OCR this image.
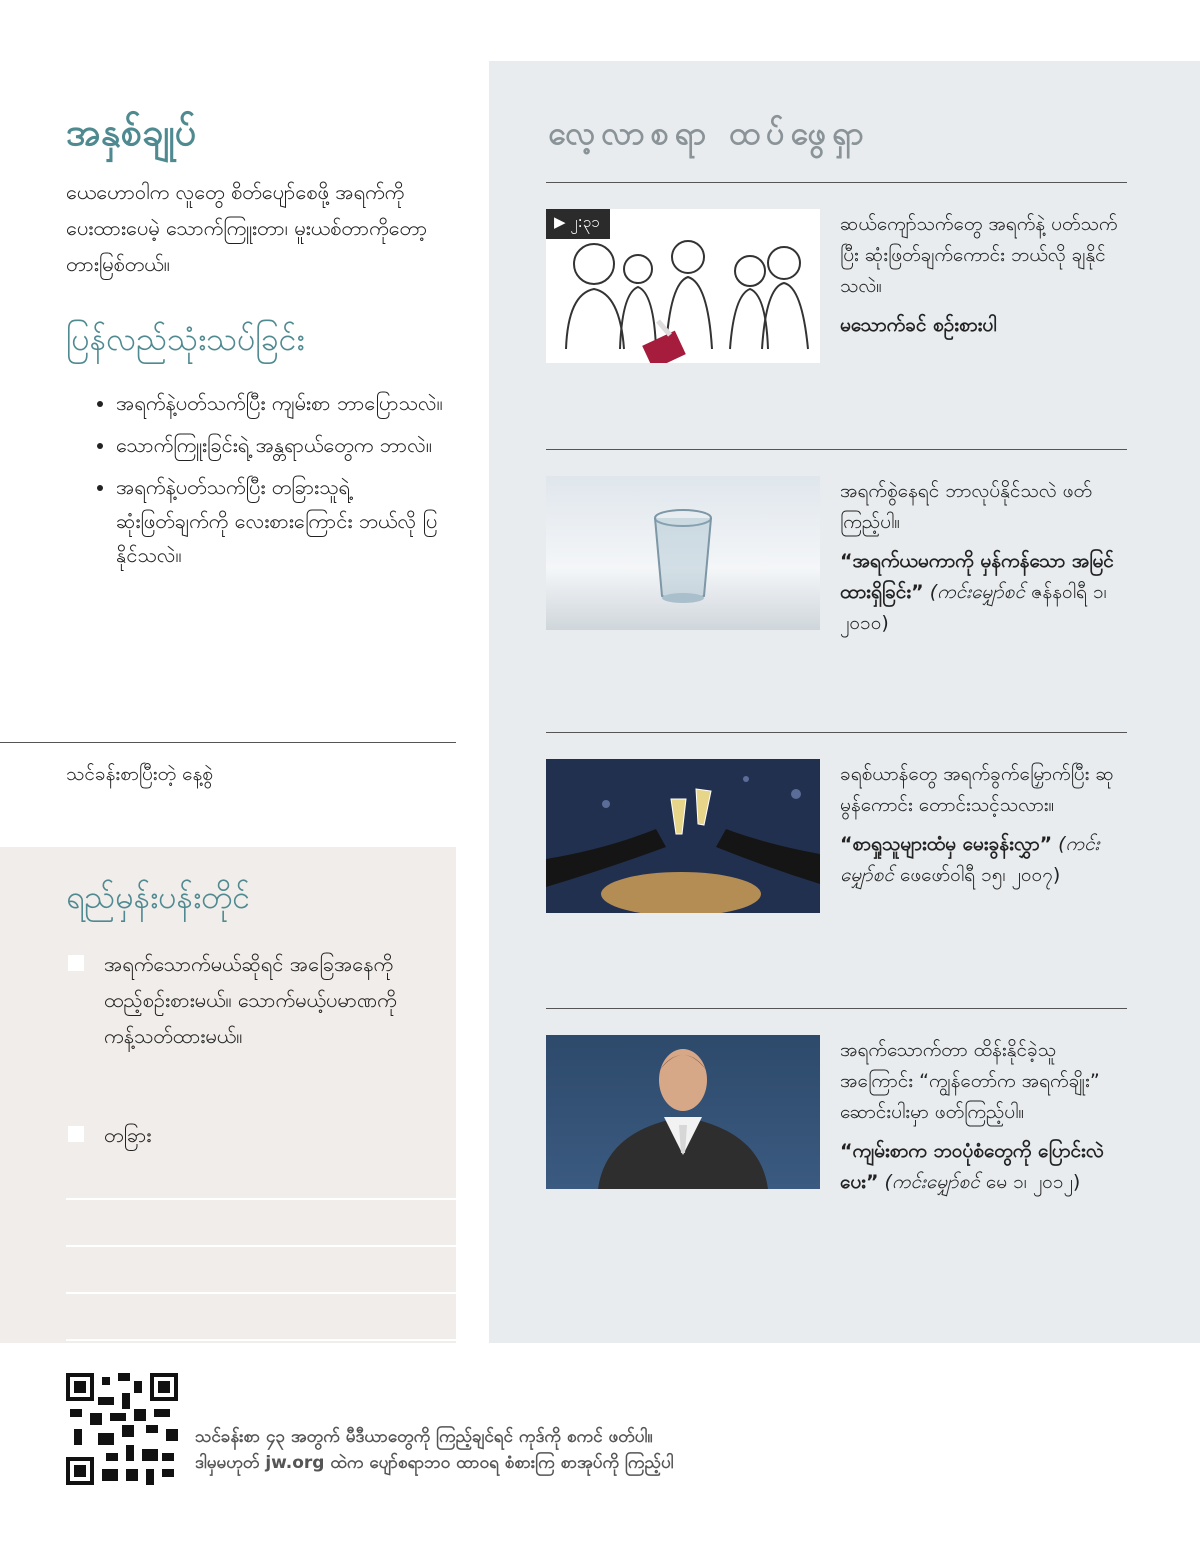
အနှစ်ချုပ်

ယေဟောဝါက လူတွေ စိတ်ပျော်စေဖို့ အရက်ကို ပေးထားပေမဲ့ သောက်ကြူးတာ၊ မူးယစ်တာကိုတော့ တားမြစ်တယ်။

ပြန်လည်သုံးသပ်ခြင်း
• အရက်နဲ့ပတ်သက်ပြီး ကျမ်းစာ ဘာပြောသလဲ။
• သောက်ကြူးခြင်းရဲ့ အန္တရာယ်တွေက ဘာလဲ။
• အရက်နဲ့ပတ်သက်ပြီး တခြားသူရဲ့ ဆုံးဖြတ်ချက်ကို လေးစားကြောင်း ဘယ်လို ပြနိုင်သလဲ။

သင်ခန်းစာပြီးတဲ့ နေ့စွဲ

ရည်မှန်းပန်းတိုင်
အရက်သောက်မယ်ဆိုရင် အခြေအနေကို ထည့်စဉ်းစားမယ်။ သောက်မယ့်ပမာဏကို ကန့်သတ်ထားမယ်။
တခြား
လေ့လာစရာ ထပ်ဖွေရှာ
▶ ၂:၃၁	ဆယ်ကျော်သက်တွေ အရက်နဲ့ ပတ်သက်ပြီး ဆုံးဖြတ်ချက်ကောင်း ဘယ်လို ချနိုင်သလဲ။
မသောက်ခင် စဉ်းစားပါ
အရက်စွဲနေရင် ဘာလုပ်နိုင်သလဲ ဖတ်ကြည့်ပါ။
“အရက်ယမကာကို မှန်ကန်သော အမြင် ထားရှိခြင်း” (ကင်းမျှော်စင် ဇန်နဝါရီ ၁၊ ၂၀၁၀)
ခရစ်ယာန်တွေ အရက်ခွက်မြှောက်ပြီး ဆုမွန်ကောင်း တောင်းသင့်သလား။
“စာရှုသူများထံမှ မေးခွန်းလွှာ” (ကင်းမျှော်စင် ဖေဖော်ဝါရီ ၁၅၊ ၂၀၀၇)
အရက်သောက်တာ ထိန်းနိုင်ခဲ့သူ အကြောင်း “ကျွန်တော်က အရက်ချိုး” ဆောင်းပါးမှာ ဖတ်ကြည့်ပါ။
“ကျမ်းစာက ဘဝပုံစံတွေကို ပြောင်းလဲပေး” (ကင်းမျှော်စင် မေ ၁၊ ၂၀၁၂)

သင်ခန်းစာ ၄၃ အတွက် မီဒီယာတွေကို ကြည့်ချင်ရင် ကုဒ်ကို စကင် ဖတ်ပါ။
ဒါမှမဟုတ် jw.org ထဲက ပျော်စရာဘဝ ထာဝရ စံစားကြ စာအုပ်ကို ကြည့်ပါ
